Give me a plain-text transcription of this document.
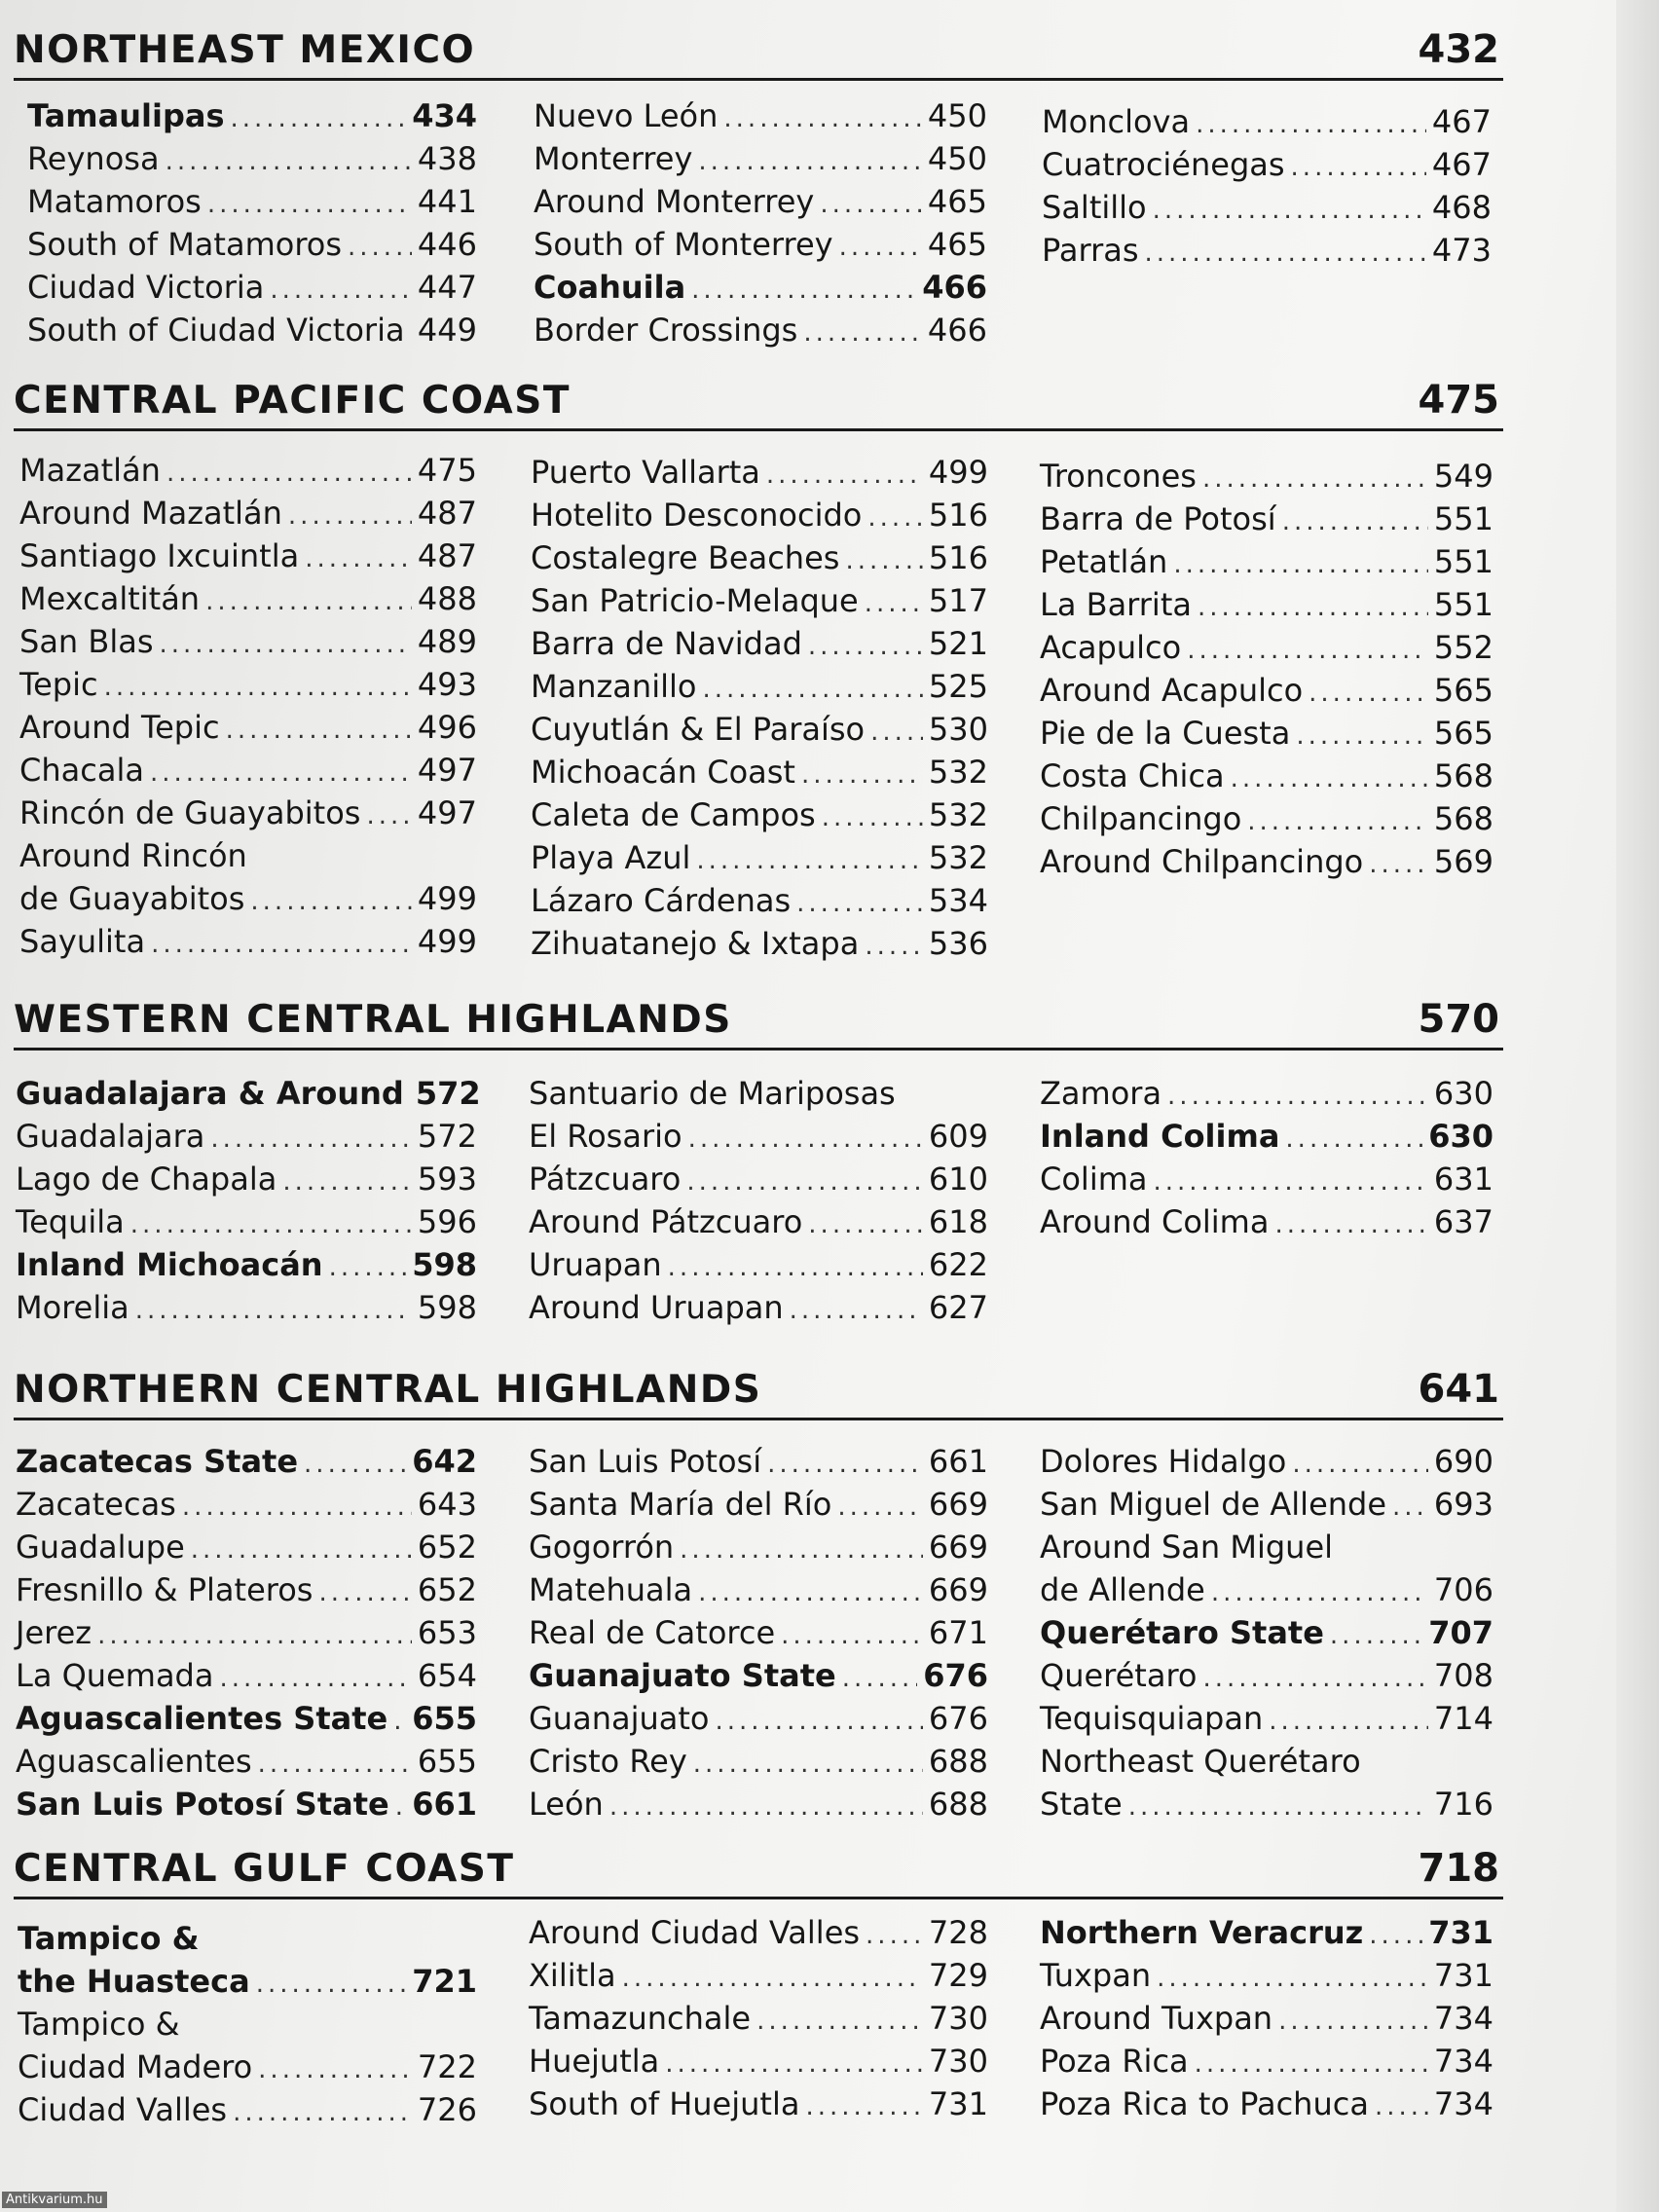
NORTHEAST MEXICO	432
Tamaulipas .....	434
Reynosa .....	438
Matamoros .....	441
South of Matamoros ..... 446
Ciudad Victoria .....	447
South of Ciudad Victoria ..... 449
Nuevo León .....	450
Monterrey .....	450
Around Monterrey .....	465
South of Monterrey .....	465
Coahuila .....	466
Border Crossings .....	466
Monclova .....	467
Cuatrociénegas .....	467
Saltillo .....	468
Parras .....	473
CENTRAL PACIFIC COAST	475
Mazatlán .....	475
Around Mazatlán .....	487
Santiago Ixcuintla .....	487
Mexcaltitán .....	488
San Blas .....	489
Tepic .....	493
Around Tepic .....	496
Chacala .....	497
Rincón de Guayabitos ..... 497
Around Rincón
de Guayabitos .....	499
Sayulita .....	499
Puerto Vallarta .....	499
Hotelito Desconocido ..... 516
Costalegre Beaches .....	516
San Patricio-Melaque ..... 517
Barra de Navidad .....	521
Manzanillo .....	525
Cuyutlán & El Paraíso ..... 530
Michoacán Coast .....	532
Caleta de Campos .....	532
Playa Azul .....	532
Lázaro Cárdenas .....	534
Zihuatanejo & Ixtapa ..... 536
Troncones .....	549
Barra de Potosí .....	551
Petatlán .....	551
La Barrita .....	551
Acapulco .....	552
Around Acapulco .....	565
Pie de la Cuesta .....	565
Costa Chica .....	568
Chilpancingo .....	568
Around Chilpancingo ..... 569
WESTERN CENTRAL HIGHLANDS	570
Guadalajara & Around 572
Guadalajara .....	572
Lago de Chapala .....	593
Tequila .....	596
Inland Michoacán .....	598
Morelia .....	598
Santuario de Mariposas
El Rosario .....	609
Pátzcuaro .....	610
Around Pátzcuaro .....	618
Uruapan .....	622
Around Uruapan .....	627
Zamora .....	630
Inland Colima .....	630
Colima .....	631
Around Colima .....	637
NORTHERN CENTRAL HIGHLANDS	641
Zacatecas State .....	642
Zacatecas .....	643
Guadalupe .....	652
Fresnillo & Plateros .....	652
Jerez .....	653
La Quemada .....	654
Aguascalientes State ..... 655
Aguascalientes .....	655
San Luis Potosí State ..... 661
San Luis Potosí .....	661
Santa María del Río .....	669
Gogorrón .....	669
Matehuala .....	669
Real de Catorce .....	671
Guanajuato State .....	676
Guanajuato .....	676
Cristo Rey .....	688
León .....	688
Dolores Hidalgo .....	690
San Miguel de Allende ..... 693
Around San Miguel
de Allende .....	706
Querétaro State .....	707
Querétaro .....	708
Tequisquiapan .....	714
Northeast Querétaro
State .....	716
CENTRAL GULF COAST	718
Tampico &
the Huasteca .....	721
Tampico &
Ciudad Madero .....	722
Ciudad Valles .....	726
Around Ciudad Valles ..... 728
Xilitla .....	729
Tamazunchale .....	730
Huejutla .....	730
South of Huejutla .....	731
Northern Veracruz ..... 731
Tuxpan .....	731
Around Tuxpan .....	734
Poza Rica .....	734
Poza Rica to Pachuca ..... 734
Antikvarium.hu
